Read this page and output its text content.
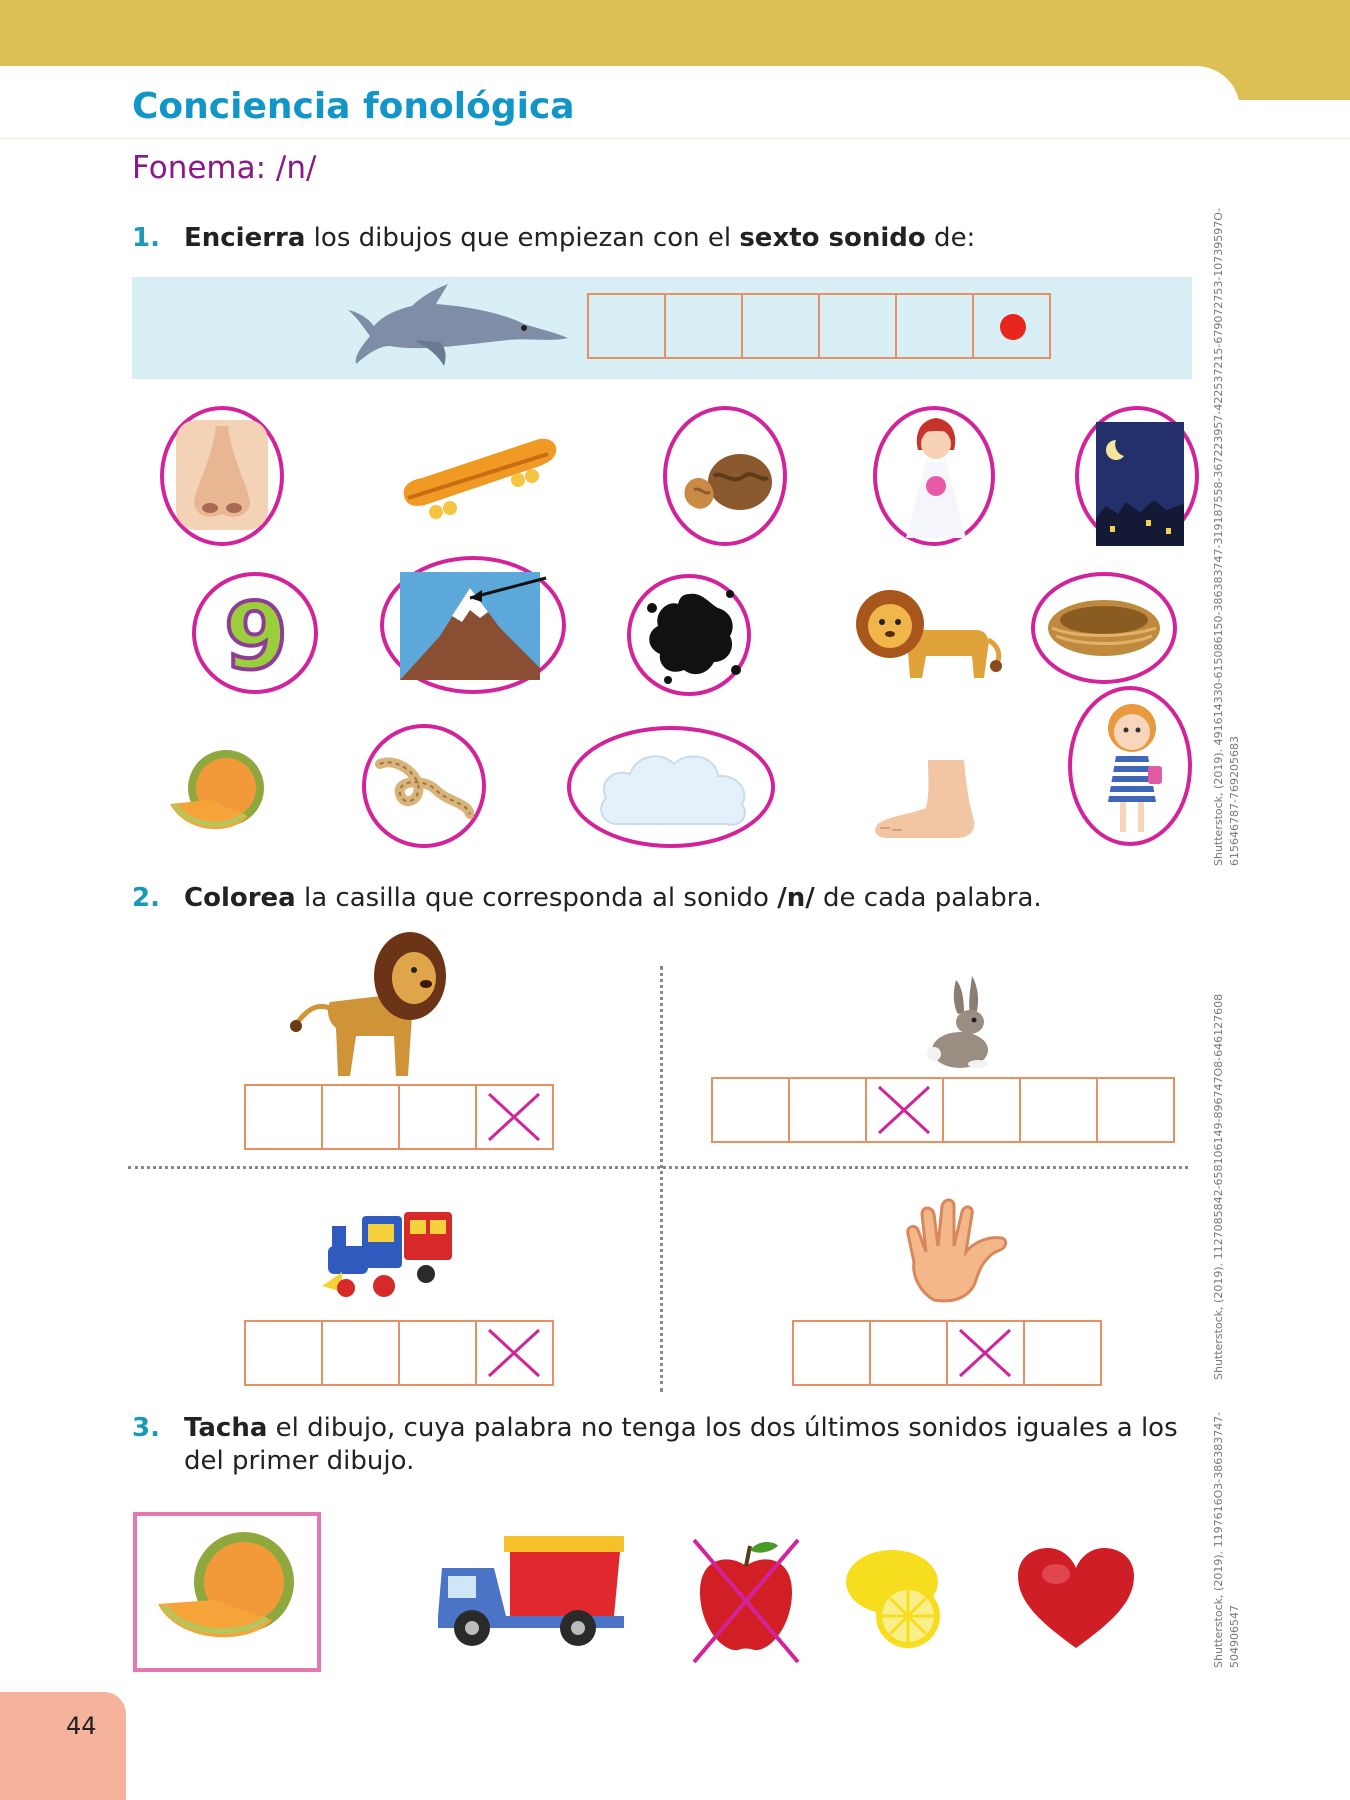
Conciencia fonológica
Fonema: /n/
1. Encierra los dibujos que empiezan con el sexto sonido de:
9
2. Colorea la casilla que corresponda al sonido /n/ de cada palabra.
3. Tacha el dibujo, cuya palabra no tenga los dos últimos sonidos iguales a los
del primer dibujo.
Shutterstock, (2019). 491614330-615086150-386383747-319187558-367223957-422537215-679072753-10739597O- 615646787-769205683
Shutterstock, (2019). 1127085842-658106149-896747O8-646127608
Shutterstock, (2019). 1197616O3-386383747- 504906547
44
